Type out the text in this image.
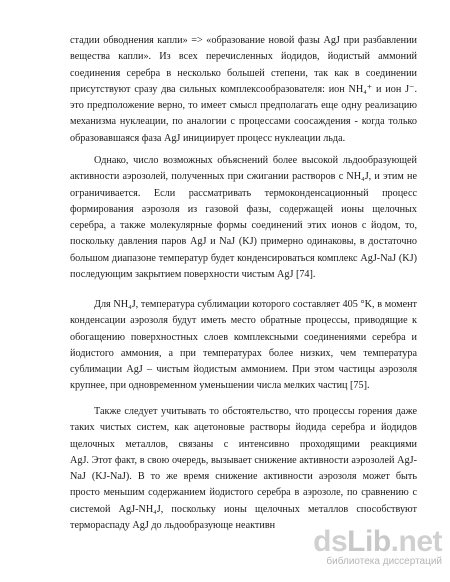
стадии обводнения капли» => «образование новой фазы AgJ при разбавлении
вещества капли». Из всех перечисленных йодидов, йодистый аммоний
соединения серебра в несколько большей степени, так как в соединении
присутствуют сразу два сильных комплексообразователя: ион NH₄⁺ и ион J⁻.
это предположение верно, то имеет смысл предполагать еще одну реализацию
механизма нуклеации, по аналогии с процессами соосаждения - когда только
образовавшаяся фаза AgJ инициирует процесс нуклеации льда.
Однако, число возможных объяснений более высокой льдообразующей
активности аэрозолей, полученных при сжигании растворов с NH₄J, и этим не
ограничивается. Если рассматривать термоконденсационный процесс
формирования аэрозоля из газовой фазы, содержащей ионы щелочных
серебра, а также молекулярные формы соединений этих ионов с йодом, то,
поскольку давления паров AgJ и NaJ (KJ) примерно одинаковы, в достаточно
большом диапазоне температур будет конденсироваться комплекс AgJ-NaJ (KJ)
последующим закрытием поверхности чистым AgJ [74].
Для NH₄J, температура сублимации которого составляет 405 °K, в момент
конденсации аэрозоля будут иметь место обратные процессы, приводящие к
обогащению поверхностных слоев комплексными соединениями серебра и
йодистого аммония, а при температурах более низких, чем температура
сублимации AgJ – чистым йодистым аммонием. При этом частицы аэрозоля
крупнее, при одновременном уменьшении числа мелких частиц [75].
Также следует учитывать то обстоятельство, что процессы горения даже
таких чистых систем, как ацетоновые растворы йодида серебра и йодидов
щелочных металлов, связаны с интенсивно проходящими реакциями
AgJ. Этот факт, в свою очередь, вызывает снижение активности аэрозолей AgJ-
NaJ (KJ-NaJ). В то же время снижение активности аэрозоля может быть
просто меньшим содержанием йодистого серебра в аэрозоле, по сравнению с
системой AgJ-NH₄J, поскольку ионы щелочных металлов способствуют
терморaспаду AgJ до льдообразующе неактивн	dsLib.net
библиотека диссертаций
